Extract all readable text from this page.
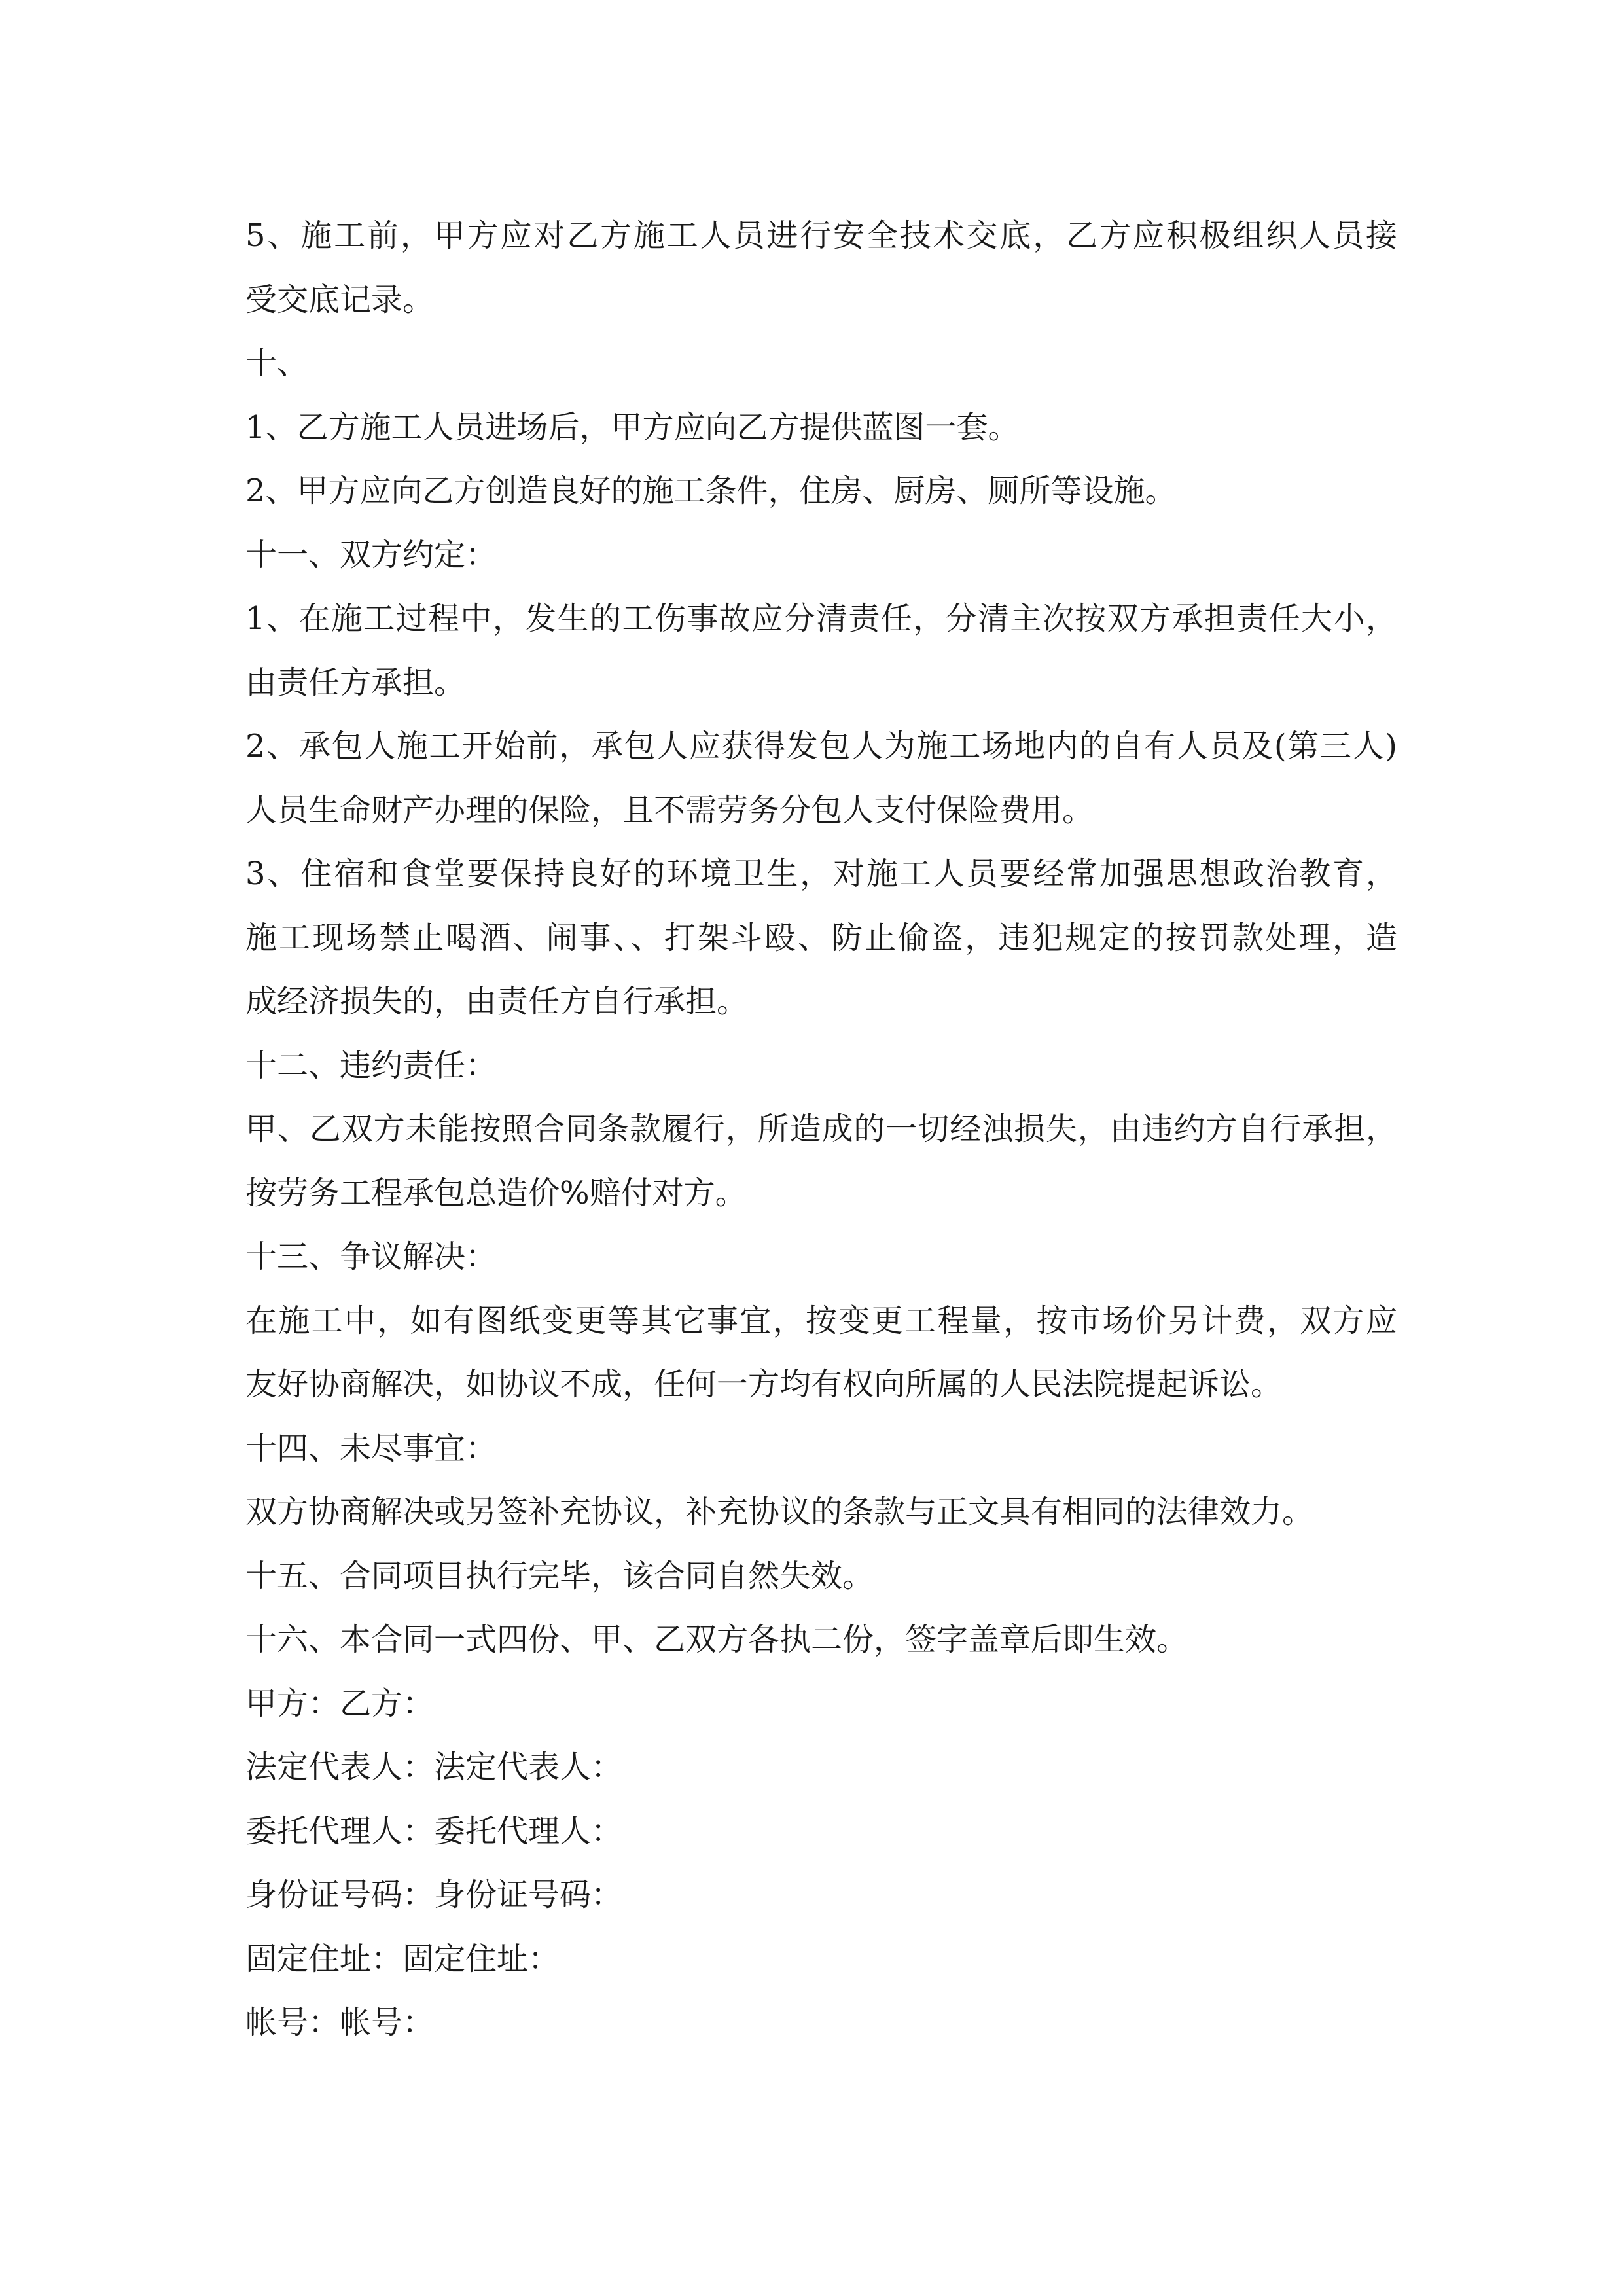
5、施工前，甲方应对乙方施工人员进行安全技术交底，乙方应积极组织人员接
受交底记录。
十、
1、乙方施工人员进场后，甲方应向乙方提供蓝图一套。
2、甲方应向乙方创造良好的施工条件，住房、厨房、厕所等设施。
十一、双方约定：
1、在施工过程中，发生的工伤事故应分清责任，分清主次按双方承担责任大小，
由责任方承担。
2、承包人施工开始前，承包人应获得发包人为施工场地内的自有人员及(第三人)
人员生命财产办理的保险，且不需劳务分包人支付保险费用。
3、住宿和食堂要保持良好的环境卫生，对施工人员要经常加强思想政治教育，
施工现场禁止喝酒、闹事、、打架斗殴、防止偷盗，违犯规定的按罚款处理，造
成经济损失的，由责任方自行承担。
十二、违约责任：
甲、乙双方未能按照合同条款履行，所造成的一切经浊损失，由违约方自行承担，
按劳务工程承包总造价%赔付对方。
十三、争议解决：
在施工中，如有图纸变更等其它事宜，按变更工程量，按市场价另计费，双方应
友好协商解决，如协议不成，任何一方均有权向所属的人民法院提起诉讼。
十四、未尽事宜：
双方协商解决或另签补充协议，补充协议的条款与正文具有相同的法律效力。
十五、合同项目执行完毕，该合同自然失效。
十六、本合同一式四份、甲、乙双方各执二份，签字盖章后即生效。
甲方：乙方：
法定代表人：法定代表人：
委托代理人：委托代理人：
身份证号码：身份证号码：
固定住址：固定住址：
帐号：帐号：
